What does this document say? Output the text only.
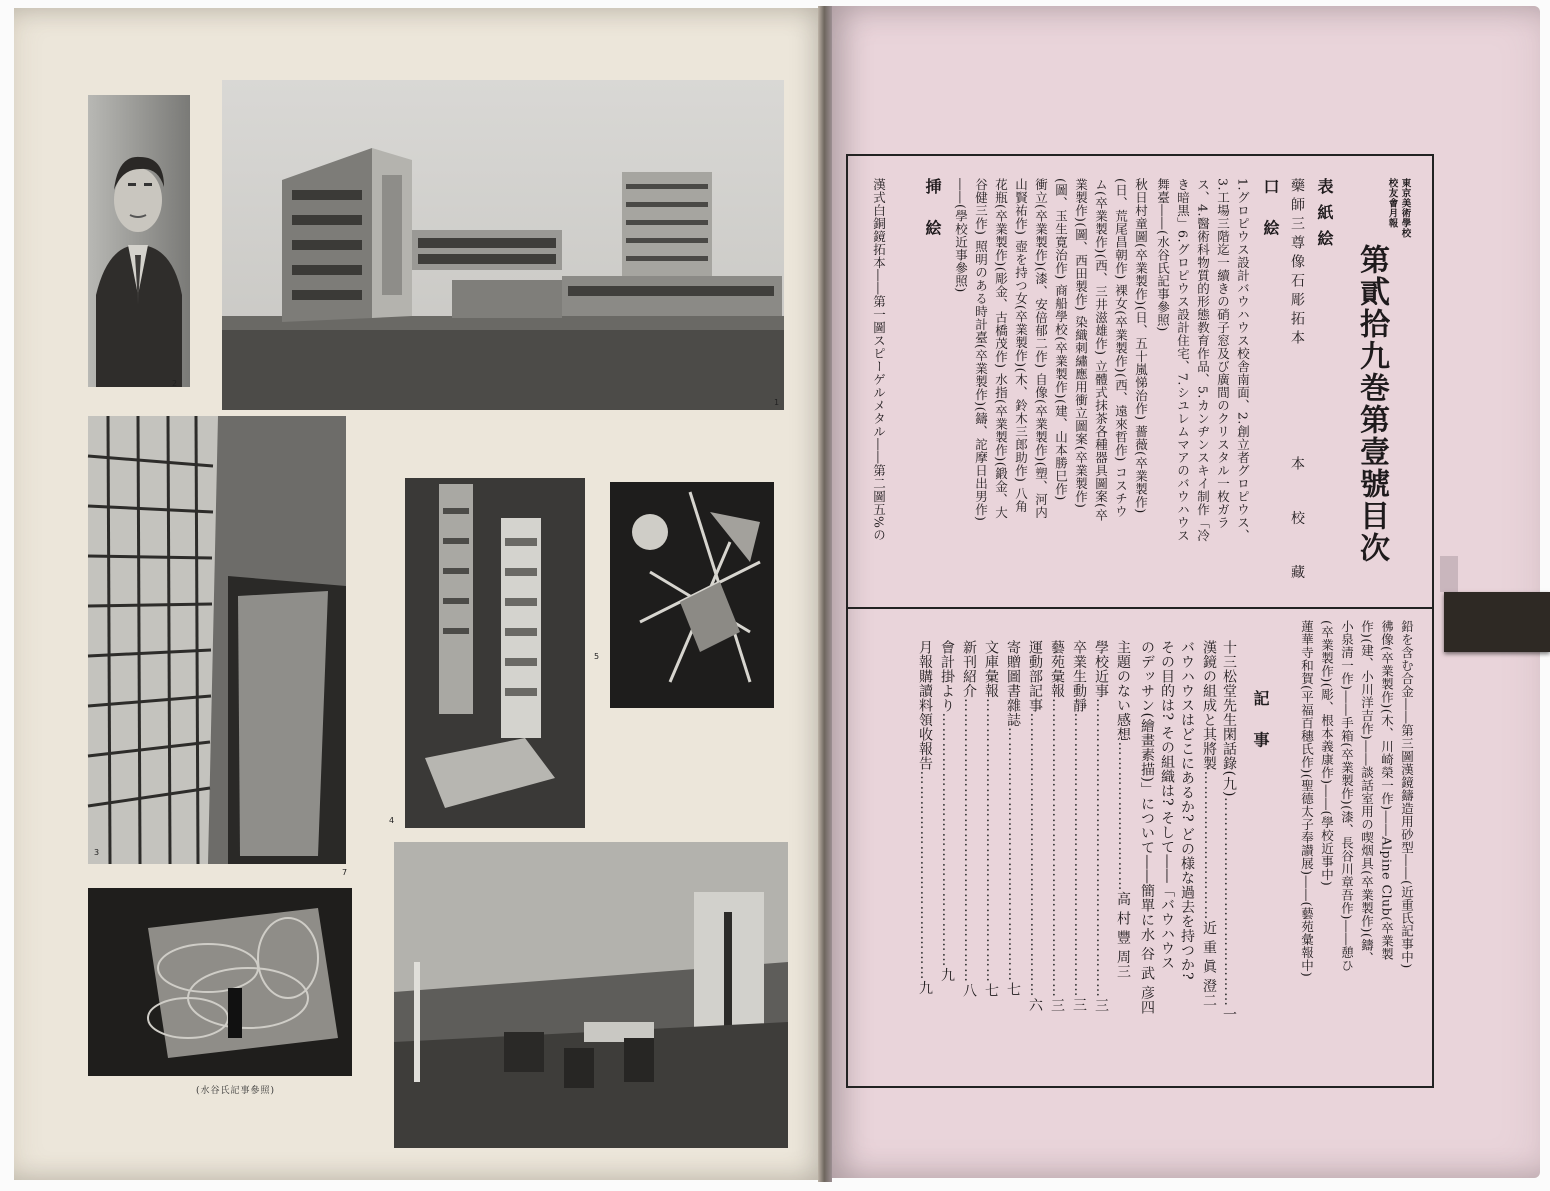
2
1
3
4
5
7
(水谷氏記事參照)
東京美術學校
校友會月報
第貳拾九巻第壹號目次
表紙絵
藥師三尊像石彫拓本
本 校 藏
口 絵
1.グロピウス設計バウハウス校舎南面、2.創立者グロピウス、
3.工場三階迄一續きの硝子窓及び廣間のクリスタル一枚ガラ
ス、4.醫術科物質的形態教育作品、5.カンヂンスキイ制作「冷
き暗黒」6.グロピウス設計住宅、7.シユレムマアのバウハウス
舞臺――(水谷氏記事參照)
秋日村童圖(卒業製作)(日、五十嵐悌治作) 薔薇(卒業製作)
(日、荒尾昌朝作) 裸女(卒業製作)(西、遠來哲作) コスチウ
ム(卒業製作)(西、三井滋雄作) 立體式抹茶各種器具圖案(卒
業製作)(圖、西田製作) 染織刺繡應用衝立圖案(卒業製作)
(圖、玉生寛治作) 商船學校(卒業製作)(建、山本勝巳作)
衝立(卒業製作)(漆、安倍郁二作) 自像(卒業製作)(塑、河内
山賢祐作) 壺を持つ女(卒業製作)(木、鈴木三郎助作) 八角
花瓶(卒業製作)(彫金、古橋茂作) 水指(卒業製作)(鍛金、大
谷健三作) 照明のある時計臺(卒業製作)(鑄、詑摩日出男作)
――(學校近事參照)
挿 絵
漢式白銅鏡拓本――第一圖スピーゲルメタル――第二圖五%の
鉛を含む合金――第三圖漢鏡鑄造用砂型――(近重氏記事中)
彿像(卒業製作)(木、川崎榮一作)――Alpine Club(卒業製
作)(建、小川洋吉作)――談話室用の喫烟具(卒業製作)(鑄、
小泉清一作)――手箱(卒業製作)(漆、長谷川章吾作)――憩ひ
(卒業製作)(彫、根本義康作)――(學校近事中)
蓮華寺和賀(平福百穗氏作)(聖德太子奉讃展)――(藝苑彙報中)
記 事
十三松堂先生閑話錄(九)……………………………………一
漢鏡の組成と其將製…………………………近 重 眞 澄二
バウハウスはどこにあるか? どの様な過去を持つか?
その目的は? その組織は? そして――「バウハウス
のデッサン(繪畫素描)」について――簡單に水 谷 武 彦四
主題のない感想…………………………高 村 豐 周三
學校近事……………………………………………………三
卒業生動靜…………………………………………………三
藝苑彙報……………………………………………………三
運動部記事…………………………………………………六
寄贈圖書雜誌……………………………………………七
文庫彙報…………………………………………………七
新刊紹介…………………………………………………八
會計掛より……………………………………………九
月報購讀料領收報告……………………………………九
